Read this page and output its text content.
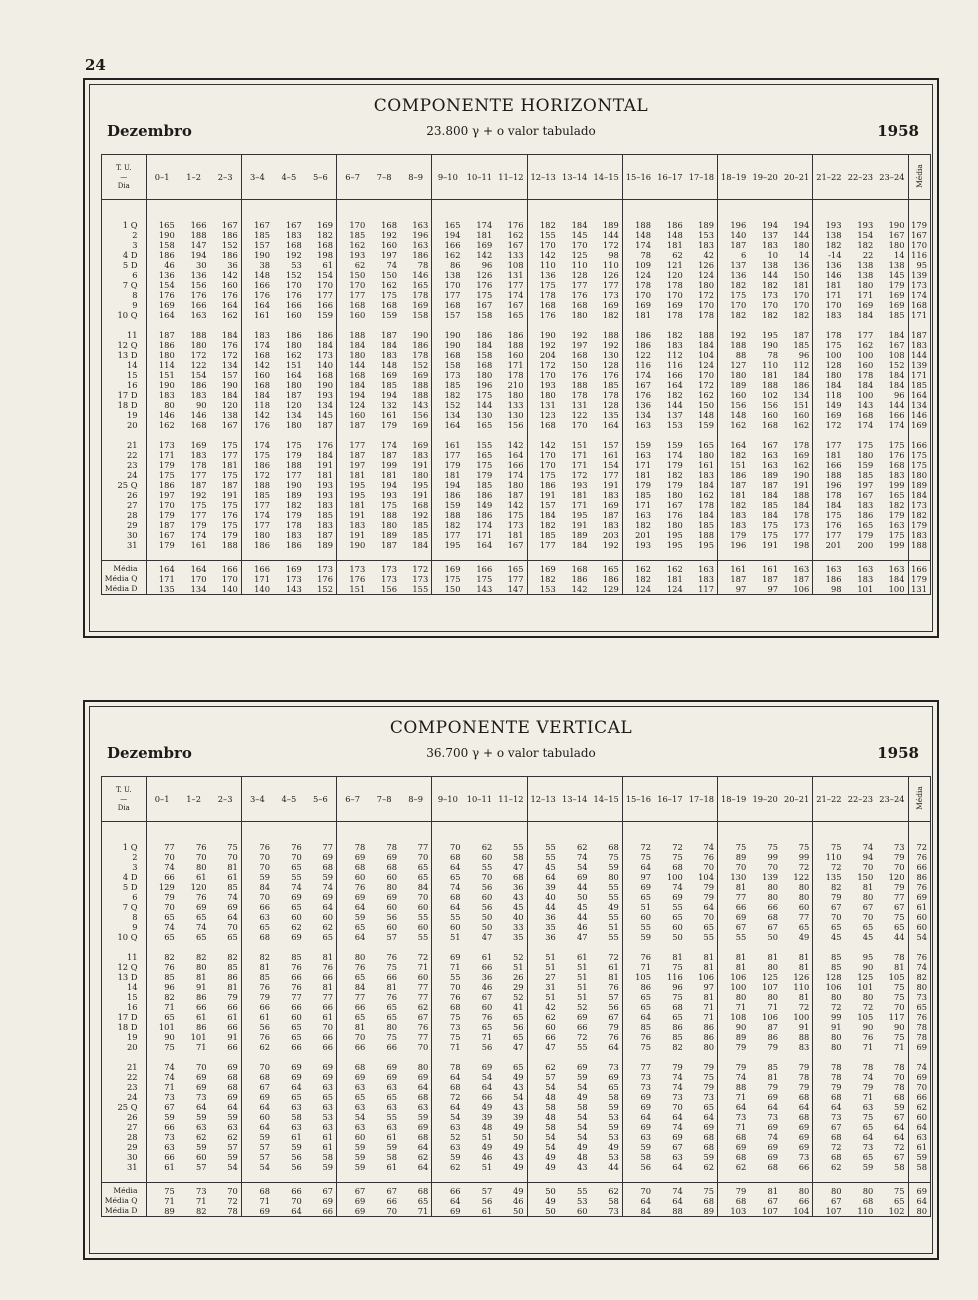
24
COMPONENTE HORIZONTAL
Dezembro	23.800 γ + o valor tabulado	1958
T. U.
—
Dia	0–1	1–2	2–3	3–4	4–5	5–6	6–7	7–8	8–9	9–10	10–11	11–12	12–13	13–14	14–15	15–16	16–17	17–18	18–19	19–20	20–21	21–22	22–23	23–24	Média

1 Q	165	166	167	167	167	169	170	168	163	165	174	176	182	184	189	188	186	189	196	194	194	193	193	190	179
2	190	188	186	185	183	182	185	192	196	194	181	162	155	145	144	148	148	153	140	137	144	138	154	167	167
3	158	147	152	157	168	168	162	160	163	166	169	167	170	170	172	174	181	183	187	183	180	182	182	180	170
4 D	186	194	186	190	192	198	193	197	186	162	142	133	142	125	98	78	62	42	6	10	14	-14	22	14	116
5 D	46	30	36	38	53	61	62	74	78	86	96	108	110	110	110	109	121	126	137	138	136	136	138	138	95
6	136	136	142	148	152	154	150	150	146	138	126	131	136	128	126	124	120	124	136	144	150	146	138	145	139
7 Q	154	156	160	166	170	170	170	162	165	170	176	177	175	177	177	178	178	180	182	182	181	181	180	179	173
8	176	176	176	176	176	177	177	175	178	177	175	174	178	176	173	170	170	172	175	173	170	171	171	169	174
9	169	166	164	164	166	166	168	168	169	168	167	167	168	168	169	169	169	170	170	170	170	170	169	169	168
10 Q	164	163	162	161	160	159	160	159	158	157	158	165	176	180	182	181	178	178	182	182	182	183	184	185	171

11	187	188	184	183	186	186	188	187	190	190	186	186	190	192	188	186	182	188	192	195	187	178	177	184	187
12 Q	186	180	176	174	180	184	184	184	186	190	184	188	192	197	192	186	183	184	188	190	185	175	162	167	183
13 D	180	172	172	168	162	173	180	183	178	168	158	160	204	168	130	122	112	104	88	78	96	100	100	108	144
14	114	122	134	142	151	140	144	148	152	158	168	171	172	150	128	116	116	124	127	110	112	128	160	152	139
15	151	154	157	160	164	168	168	169	169	173	180	178	170	176	176	174	166	170	180	181	184	180	178	184	171
16	190	186	190	168	180	190	184	185	188	185	196	210	193	188	185	167	164	172	189	188	186	184	184	184	185
17 D	183	183	184	184	187	193	194	194	188	182	175	180	180	178	178	176	182	162	160	102	134	118	100	96	164
18 D	80	90	120	118	120	134	124	132	143	152	144	133	131	131	128	136	144	150	156	156	151	149	143	144	134
19	146	146	138	142	134	145	160	161	156	134	130	130	123	122	135	134	137	148	148	160	160	169	168	166	146
20	162	168	167	176	180	187	187	179	169	164	165	156	168	170	164	163	153	159	162	168	162	172	174	174	169

21	173	169	175	174	175	176	177	174	169	161	155	142	142	151	157	159	159	165	164	167	178	177	175	175	166
22	171	183	177	175	179	184	187	187	183	177	165	164	170	171	161	163	174	180	182	163	169	181	180	176	175
23	179	178	181	186	188	191	197	199	191	179	175	166	170	171	154	171	179	161	151	163	162	166	159	168	175
24	175	177	175	172	177	181	181	181	180	181	179	174	175	172	177	181	182	183	186	189	190	188	185	183	180
25 Q	186	187	187	188	190	193	195	194	195	194	185	180	186	193	191	179	179	184	187	187	191	196	197	199	189
26	197	192	191	185	189	193	195	193	191	186	186	187	191	181	183	185	180	162	181	184	188	178	167	165	184
27	170	175	175	177	182	183	181	175	168	159	149	142	157	171	169	171	167	178	182	185	184	184	183	182	173
28	179	177	176	174	179	185	191	188	192	188	186	175	184	195	187	163	176	184	183	184	178	175	186	179	182
29	187	179	175	177	178	183	183	180	185	182	174	173	182	191	183	182	180	185	183	175	173	176	165	163	179
30	167	174	179	180	183	187	191	189	185	177	171	181	185	189	203	201	195	188	179	175	177	177	179	175	183
31	179	161	188	186	186	189	190	187	184	195	164	167	177	184	192	193	195	195	196	191	198	201	200	199	188

Média	164	164	166	166	169	173	173	173	172	169	166	165	169	168	165	162	162	163	161	161	163	163	163	163	166
Média Q	171	170	170	171	173	176	176	173	173	175	175	177	182	186	186	182	181	183	187	187	187	186	183	184	179
Média D	135	134	140	140	143	152	151	156	155	150	143	147	153	142	129	124	124	117	97	97	106	98	101	100	131
COMPONENTE VERTICAL
Dezembro	36.700 γ + o valor tabulado	1958
T. U.
—
Dia	0–1	1–2	2–3	3–4	4–5	5–6	6–7	7–8	8–9	9–10	10–11	11–12	12–13	13–14	14–15	15–16	16–17	17–18	18–19	19–20	20–21	21–22	22–23	23–24	Média

1 Q	77	76	75	76	76	77	78	78	77	70	62	55	55	62	68	72	72	74	75	75	75	75	74	73	72
2	70	70	70	70	70	69	69	69	70	68	60	58	55	74	75	75	75	76	89	99	99	110	94	79	76
3	74	80	81	70	65	68	68	68	65	64	55	47	45	54	59	64	68	70	70	70	72	72	70	70	66
4 D	66	61	61	59	55	59	60	60	65	65	70	68	64	69	80	97	100	104	130	139	122	135	150	120	86
5 D	129	120	85	84	74	74	76	80	84	74	56	36	39	44	55	69	74	79	81	80	80	82	81	79	76
6	79	76	74	70	69	69	69	69	70	68	60	43	40	50	55	65	69	79	77	80	80	79	80	77	69
7 Q	70	69	69	66	65	64	64	60	60	64	56	45	44	45	49	51	55	64	66	66	60	67	67	67	61
8	65	65	64	63	60	60	59	56	55	55	50	40	36	44	55	60	65	70	69	68	77	70	70	75	60
9	74	74	70	65	62	62	65	60	60	60	50	33	35	46	51	55	60	65	67	67	65	65	65	65	60
10 Q	65	65	65	68	69	65	64	57	55	51	47	35	36	47	55	59	50	55	55	50	49	45	45	44	54

11	82	82	82	82	85	81	80	76	72	69	61	52	51	61	72	76	81	81	81	81	81	85	95	78	76
12 Q	76	80	85	81	76	76	76	75	71	71	66	51	51	51	61	71	75	81	81	80	81	85	90	81	74
13 D	85	81	86	85	66	66	65	66	60	55	36	26	27	51	81	105	116	106	106	125	126	128	125	105	82
14	96	91	81	76	76	81	84	81	77	70	46	29	31	51	76	86	96	97	100	107	110	106	101	75	80
15	82	86	79	79	77	77	77	76	77	76	67	52	51	51	57	65	75	81	80	80	81	80	80	75	73
16	71	66	66	66	66	66	66	65	62	68	60	41	42	52	56	65	68	71	71	71	72	72	72	70	65
17 D	65	61	61	61	60	61	65	65	67	75	76	65	62	69	67	64	65	71	108	106	100	99	105	117	76
18 D	101	86	66	56	65	70	81	80	76	73	65	56	60	66	79	85	86	86	90	87	91	91	90	90	78
19	90	101	91	76	65	66	70	75	77	75	71	65	66	72	76	76	85	86	89	86	88	80	76	75	78
20	75	71	66	62	66	66	66	66	70	71	56	47	47	55	64	75	82	80	79	79	83	80	71	71	69

21	74	70	69	70	69	69	68	69	80	78	69	65	62	69	73	77	79	79	79	85	79	78	78	78	74
22	74	69	68	68	69	69	69	69	69	64	54	49	57	59	69	73	74	75	74	81	78	78	74	70	69
23	71	69	68	67	64	63	63	63	64	68	64	43	54	54	65	73	74	79	88	79	79	79	79	78	70
24	73	73	69	69	65	65	65	65	68	72	66	54	48	49	58	69	73	73	71	69	68	68	71	68	66
25 Q	67	64	64	64	63	63	63	63	63	64	49	43	58	58	59	69	70	65	64	64	64	64	63	59	62
26	59	59	59	60	58	53	54	55	59	54	39	39	48	54	53	64	64	64	73	73	68	73	75	67	60
27	66	63	63	64	63	63	63	63	69	63	48	49	58	54	59	69	74	69	71	69	69	67	65	64	64
28	73	62	62	59	61	61	60	61	68	52	51	50	54	54	53	63	69	68	68	74	69	68	64	64	63
29	63	59	57	57	59	61	59	59	64	63	49	49	54	49	49	59	67	68	69	69	69	72	73	72	61
30	66	60	59	57	56	58	59	58	62	59	46	43	49	48	53	58	63	59	68	69	73	68	65	67	59
31	61	57	54	54	56	59	59	61	64	62	51	49	49	43	44	56	64	62	62	68	66	62	59	58	58

Média	75	73	70	68	66	67	67	67	68	66	57	49	50	55	62	70	74	75	79	81	80	80	80	75	69
Média Q	71	71	72	71	70	69	69	66	65	64	56	46	49	53	58	64	64	68	68	67	66	67	68	65	64
Média D	89	82	78	69	64	66	69	70	71	69	61	50	50	60	73	84	88	89	103	107	104	107	110	102	80
